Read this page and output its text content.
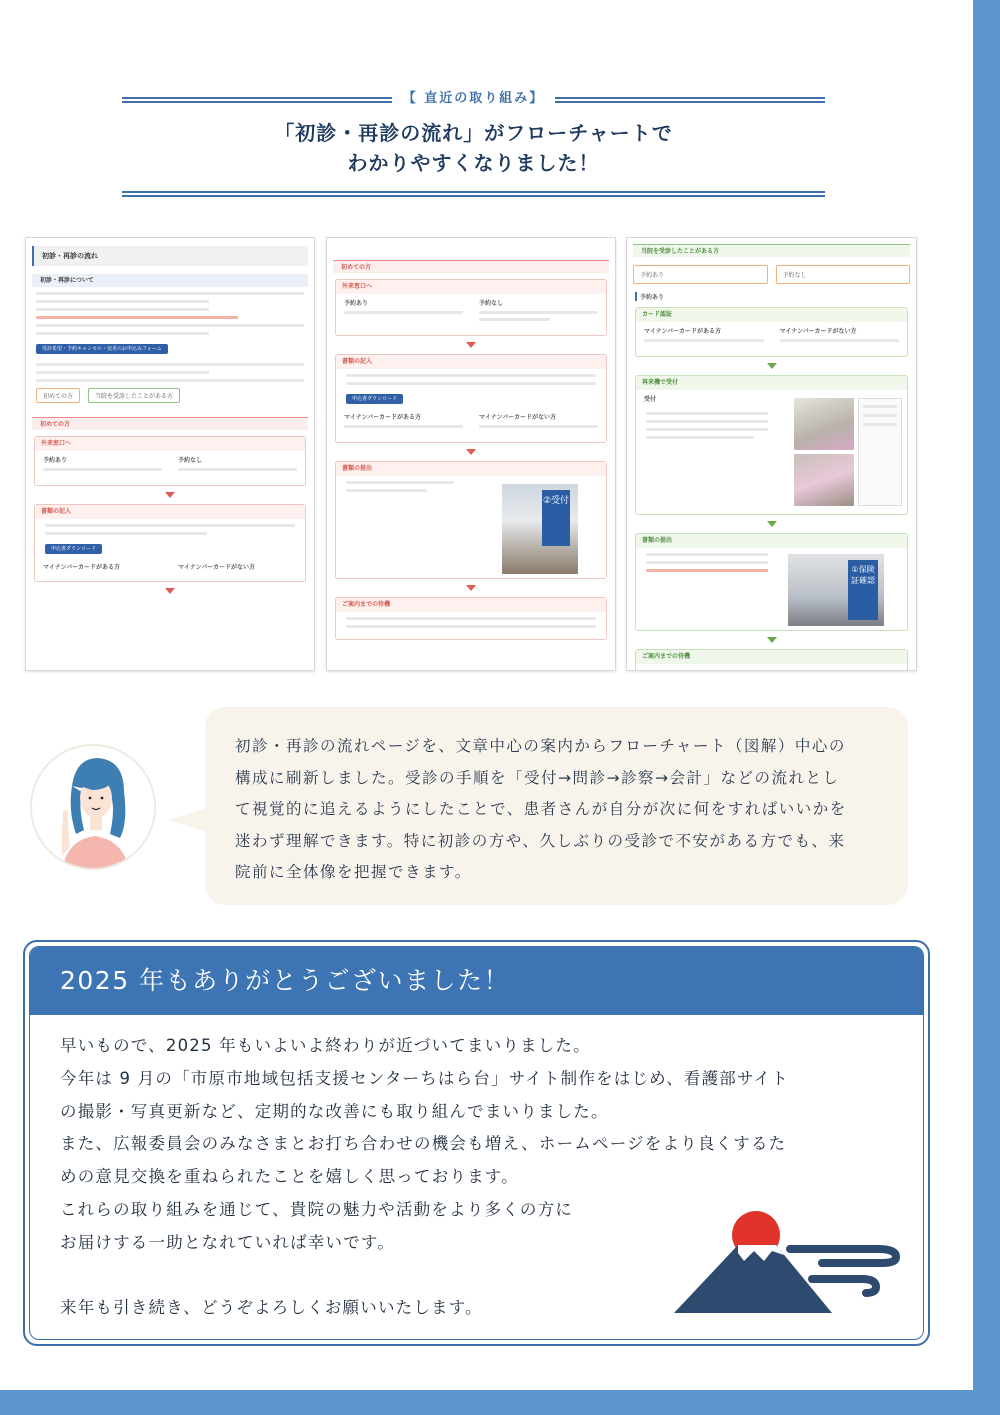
【 直近の取り組み】
「初診・再診の流れ」がフローチャートで
わかりやすくなりました！
初診・再診の流れ
初診・再診について
受診希望・予約キャンセル・変更のお申込みフォーム
初めての方	当院を受診したことがある方
初めての方
外来窓口へ
予約あり	予約なし
書類の記入
申込書ダウンロード
マイナンバーカードがある方	マイナンバーカードがない方
初めての方
外来窓口へ
予約あり	予約なし
書類の記入
申込書ダウンロード
マイナンバーカードがある方	マイナンバーカードがない方
書類の提出
②受付
ご案内までの待機
当院を受診したことがある方
予約あり	予約なし
予約あり
カード認証
マイナンバーカードがある方	マイナンバーカードがない方
再来機で受付
受付
書類の提出
①保険証確認
ご案内までの待機
初診・再診の流れページを、文章中心の案内からフローチャート（図解）中心の
構成に刷新しました。受診の手順を「受付→問診→診察→会計」などの流れとし
て視覚的に追えるようにしたことで、患者さんが自分が次に何をすればいいかを
迷わず理解できます。特に初診の方や、久しぶりの受診で不安がある方でも、来
院前に全体像を把握できます。
2025 年もありがとうございました！
早いもので、2025 年もいよいよ終わりが近づいてまいりました。
今年は 9 月の「市原市地域包括支援センターちはら台」サイト制作をはじめ、看護部サイト
の撮影・写真更新など、定期的な改善にも取り組んでまいりました。
また、広報委員会のみなさまとお打ち合わせの機会も増え、ホームページをより良くするた
めの意見交換を重ねられたことを嬉しく思っております。
これらの取り組みを通じて、貴院の魅力や活動をより多くの方に
お届けする一助となれていれば幸いです。
来年も引き続き、どうぞよろしくお願いいたします。
